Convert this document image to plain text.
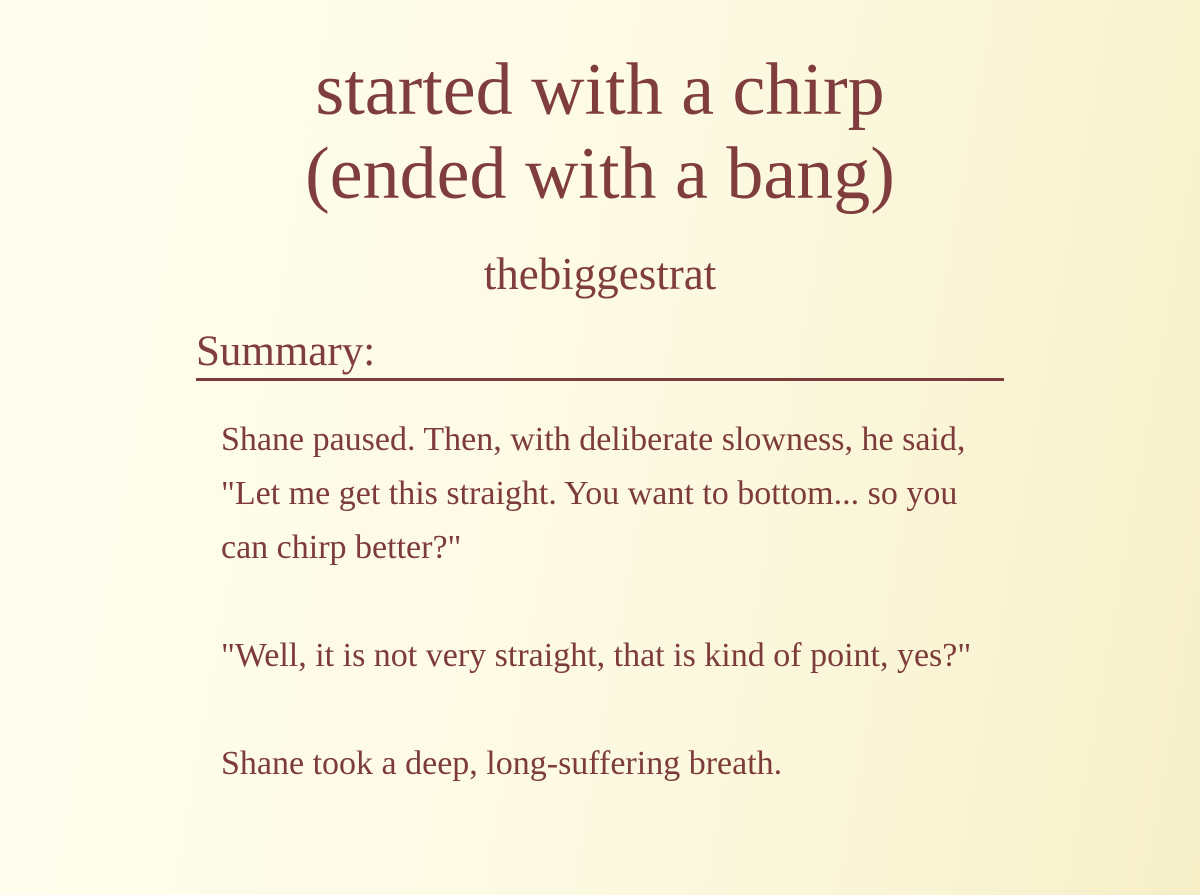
started with a chirp
(ended with a bang)
thebiggestrat
Summary:

Shane paused. Then, with deliberate slowness, he said, "Let me get this straight. You want to bottom... so you can chirp better?"

"Well, it is not very straight, that is kind of point, yes?"

Shane took a deep, long-suffering breath.
